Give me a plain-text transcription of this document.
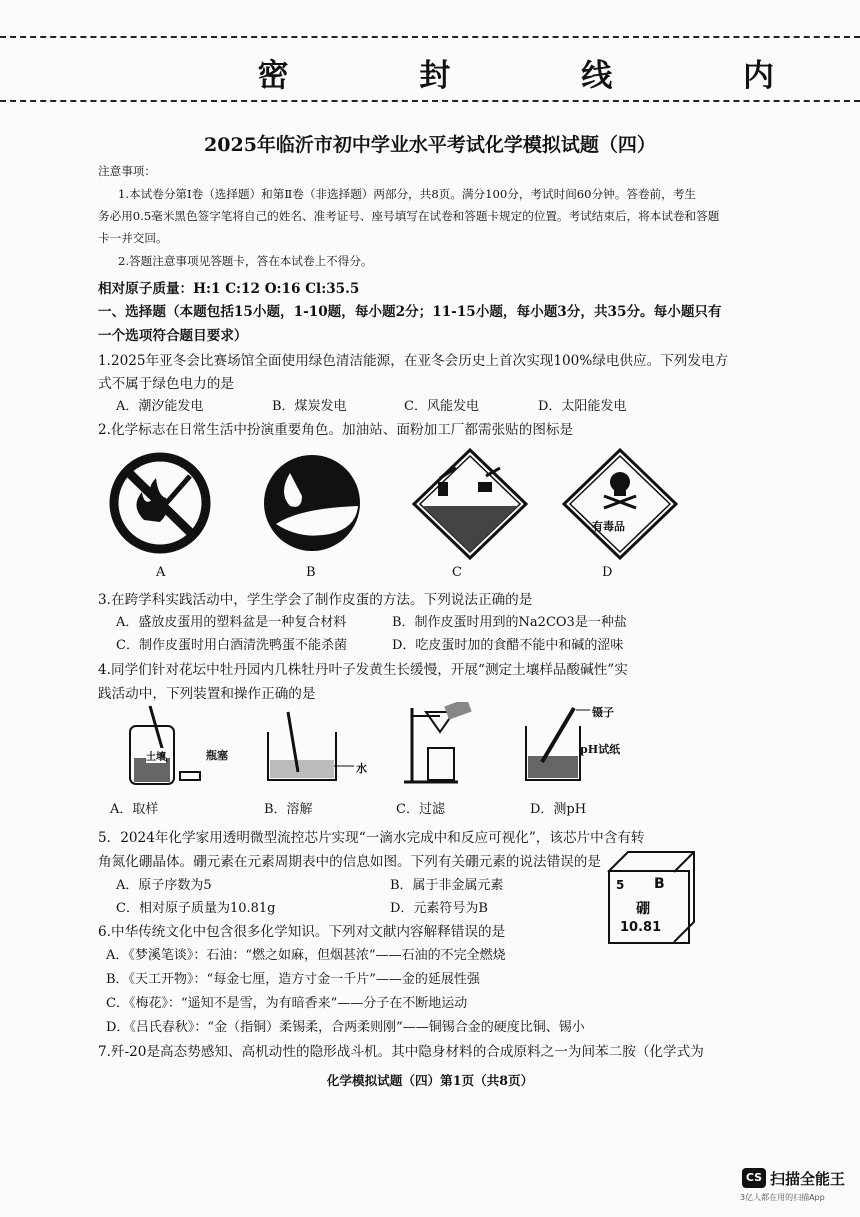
密 封 线 内
2025年临沂市初中学业水平考试化学模拟试题（四）
注意事项：
1.本试卷分第Ⅰ卷（选择题）和第Ⅱ卷（非选择题）两部分，共8页。满分100分，考试时间60分钟。答卷前，考生
务必用0.5毫米黑色签字笔将自己的姓名、准考证号、座号填写在试卷和答题卡规定的位置。考试结束后，将本试卷和答题
卡一并交回。
2.答题注意事项见答题卡，答在本试卷上不得分。
相对原子质量：H:1 C:12 O:16 Cl:35.5
一、选择题（本题包括15小题，1-10题，每小题2分；11-15小题，每小题3分，共35分。每小题只有
一个选项符合题目要求）
1.2025年亚冬会比赛场馆全面使用绿色清洁能源，在亚冬会历史上首次实现100%绿电供应。下列发电方
式不属于绿色电力的是
A．潮汐能发电	B．煤炭发电	C．风能发电	D．太阳能发电
2.化学标志在日常生活中扮演重要角色。加油站、面粉加工厂都需张贴的图标是
有毒品
A	B	C	D
3.在跨学科实践活动中，学生学会了制作皮蛋的方法。下列说法正确的是
A．盛放皮蛋用的塑料盆是一种复合材料	B．制作皮蛋时用到的Na2CO3是一种盐
C．制作皮蛋时用白酒清洗鸭蛋不能杀菌	D．吃皮蛋时加的食醋不能中和碱的涩味
4.同学们针对花坛中牡丹园内几株牡丹叶子发黄生长缓慢，开展“测定土壤样品酸碱性”实
践活动中，下列装置和操作正确的是
土壤	瓶塞
水
镊子
pH试纸
A．取样	B．溶解	C．过滤	D．测pH
5．2024年化学家用透明微型流控芯片实现“一滴水完成中和反应可视化”，该芯片中含有转
角氮化硼晶体。硼元素在元素周期表中的信息如图。下列有关硼元素的说法错误的是
A．原子序数为5	B．属于非金属元素
C．相对原子质量为10.81g	D．元素符号为B
5 B
硼
10.81
6.中华传统文化中包含很多化学知识。下列对文献内容解释错误的是
A．《梦溪笔谈》：石油：“燃之如麻，但烟甚浓”——石油的不完全燃烧
B．《天工开物》：“每金七厘，造方寸金一千片”——金的延展性强
C．《梅花》：“遥知不是雪，为有暗香来”——分子在不断地运动
D．《吕氏春秋》：“金（指铜）柔锡柔，合两柔则刚”——铜锡合金的硬度比铜、锡小
7.歼-20是高态势感知、高机动性的隐形战斗机。其中隐身材料的合成原料之一为间苯二胺（化学式为
化学模拟试题（四）第1页（共8页）
CS 扫描全能王
3亿人都在用的扫描App
